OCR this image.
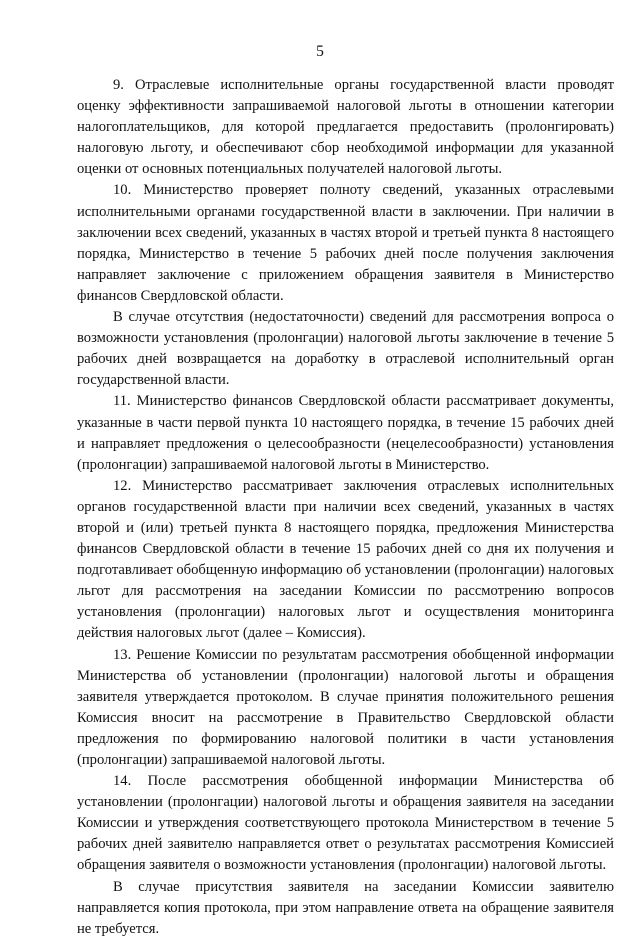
5

9. Отраслевые исполнительные органы государственной власти проводят оценку эффективности запрашиваемой налоговой льготы в отношении категории налогоплательщиков, для которой предлагается предоставить (пролонгировать) налоговую льготу, и обеспечивают сбор необходимой информации для указанной оценки от основных потенциальных получателей налоговой льготы.

10. Министерство проверяет полноту сведений, указанных отраслевыми исполнительными органами государственной власти в заключении. При наличии в заключении всех сведений, указанных в частях второй и третьей пункта 8 настоящего порядка, Министерство в течение 5 рабочих дней после получения заключения направляет заключение с приложением обращения заявителя в Министерство финансов Свердловской области.

В случае отсутствия (недостаточности) сведений для рассмотрения вопроса о возможности установления (пролонгации) налоговой льготы заключение в течение 5 рабочих дней возвращается на доработку в отраслевой исполнительный орган государственной власти.

11. Министерство финансов Свердловской области рассматривает документы, указанные в части первой пункта 10 настоящего порядка, в течение 15 рабочих дней и направляет предложения о целесообразности (нецелесообразности) установления (пролонгации) запрашиваемой налоговой льготы в Министерство.

12. Министерство рассматривает заключения отраслевых исполнительных органов государственной власти при наличии всех сведений, указанных в частях второй и (или) третьей пункта 8 настоящего порядка, предложения Министерства финансов Свердловской области в течение 15 рабочих дней со дня их получения и подготавливает обобщенную информацию об установлении (пролонгации) налоговых льгот для рассмотрения на заседании Комиссии по рассмотрению вопросов установления (пролонгации) налоговых льгот и осуществления мониторинга действия налоговых льгот (далее – Комиссия).

13. Решение Комиссии по результатам рассмотрения обобщенной информации Министерства об установлении (пролонгации) налоговой льготы и обращения заявителя утверждается протоколом. В случае принятия положительного решения Комиссия вносит на рассмотрение в Правительство Свердловской области предложения по формированию налоговой политики в части установления (пролонгации) запрашиваемой налоговой льготы.

14. После рассмотрения обобщенной информации Министерства об установлении (пролонгации) налоговой льготы и обращения заявителя на заседании Комиссии и утверждения соответствующего протокола Министерством в течение 5 рабочих дней заявителю направляется ответ о результатах рассмотрения Комиссией обращения заявителя о возможности установления (пролонгации) налоговой льготы.

В случае присутствия заявителя на заседании Комиссии заявителю направляется копия протокола, при этом направление ответа на обращение заявителя не требуется.
